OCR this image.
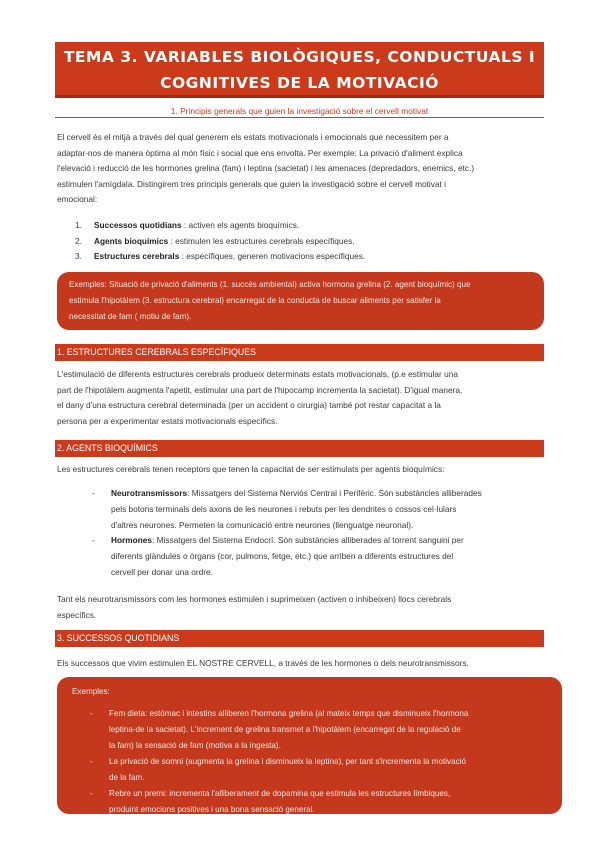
TEMA 3. VARIABLES BIOLÒGIQUES, CONDUCTUALS I
COGNITIVES DE LA MOTIVACIÓ
1. Principis generals que guien la investigació sobre el cervell motivat
El cervell és el mitjà a través del qual generem els estats motivacionals i emocionals que necessitem per a
adaptar-nos de manera òptima al món físic i social que ens envolta. Per exemple: La privació d'aliment explica
l'elevació i reducció de les hormones grelina (fam) i leptina (sacietat) i les amenaces (depredadors, enemics, etc.)
estimulen l'amígdala. Distingirem tres principis generals que guien la investigació sobre el cervell motivat i
emocional:
1.	Successos quotidians
: activen els agents bioquímics.
2.	Agents bioquímics
: estimulen les estructures cerebrals específiques.
3.	Estructures cerebrals
: específiques, generen motivacions específiques.
Exemples: Situació de privació d'aliments (1. succés ambiental) activa hormona grelina (2. agent bioquímic) que
estimula l'hipotàlem (3. estructura cerebral) encarregat de la conducta de buscar aliments per satisfer la
necessitat de fam ( motiu de fam).
1. ESTRUCTURES CEREBRALS ESPECÍFIQUES
L'estimulació de diferents estructures cerebrals produeix determinats estats motivacionals, (p.e estimular una
part de l'hipotàlem augmenta l'apetit, estimular una part de l'hipocamp incrementa la sacietat). D'igual manera,
el dany d'una estructura cerebral determinada (per un accident o cirurgia) també pot restar capacitat a la
persona per a experimentar estats motivacionals específics.
2. AGENTS BIOQUÍMICS
Les estructures cerebrals tenen receptors que tenen la capacitat de ser estimulats per agents bioquímics:
-	Neurotransmissors: Missatgers del Sistema Nerviós Central i Perifèric. Són substàncies alliberades
pels botons terminals dels axons de les neurones i rebuts per les dendrites o cossos cel·lulars
d'altres neurones. Permeten la comunicació entre neurones (llenguatge neuronal).
-	Hormones: Missatgers del Sistema Endocrí. Són substàncies alliberades al torrent sanguini per
diferents glàndules o òrgans (cor, pulmons, fetge, etc.) que arriben a diferents estructures del
cervell per donar una ordre.
Tant els neurotransmissors com les hormones estimulen i suprimeixen (activen o inhibeixen) llocs cerebrals
específics.
3. SUCCESSOS QUOTIDIANS
Els successos que vivim estimulen EL NOSTRE CERVELL, a través de les hormones o dels neurotransmissors.
Exemples:
-	Fem dieta: estómac i intestins alliberen l'hormona grelina (al mateix temps que disminueix l'hormona
leptina-de la sacietat). L'increment de grelina transmet a l'hipotàlem (encarregat de la regulació de
la fam) la sensació de fam (motiva a la ingesta).
-	La privació de somni (augmenta la grelina i disminueix la leptina), per tant s'incrementa la motivació
de la fam.
-	Rebre un premi: incrementa l'alliberament de dopamina que estimula les estructures límbiques,
produint emocions positives i una bona sensació general.
